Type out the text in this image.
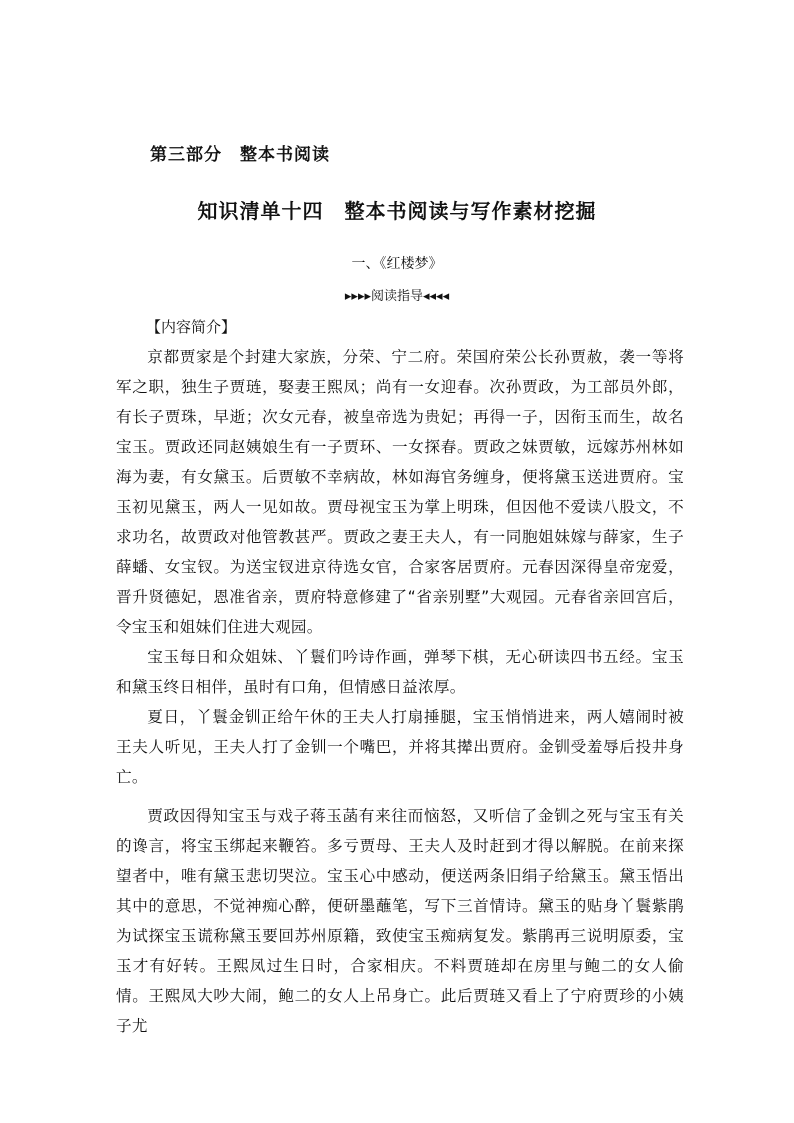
第三部分　整本书阅读
知识清单十四　整本书阅读与写作素材挖掘
一、《红楼梦》
▸▸▸▸阅读指导◂◂◂◂
【内容简介】

京都贾家是个封建大家族，分荣、宁二府。荣国府荣公长孙贾赦，袭一等将军之职，独生子贾琏，娶妻王熙凤；尚有一女迎春。次孙贾政，为工部员外郎，有长子贾珠，早逝；次女元春，被皇帝选为贵妃；再得一子，因衔玉而生，故名宝玉。贾政还同赵姨娘生有一子贾环、一女探春。贾政之妹贾敏，远嫁苏州林如海为妻，有女黛玉。后贾敏不幸病故，林如海官务缠身，便将黛玉送进贾府。宝玉初见黛玉，两人一见如故。贾母视宝玉为掌上明珠，但因他不爱读八股文，不求功名，故贾政对他管教甚严。贾政之妻王夫人，有一同胞姐妹嫁与薛家，生子薛蟠、女宝钗。为送宝钗进京待选女官，合家客居贾府。元春因深得皇帝宠爱，晋升贤德妃，恩准省亲，贾府特意修建了“省亲别墅”大观园。元春省亲回宫后，令宝玉和姐妹们住进大观园。

宝玉每日和众姐妹、丫鬟们吟诗作画，弹琴下棋，无心研读四书五经。宝玉和黛玉终日相伴，虽时有口角，但情感日益浓厚。

夏日，丫鬟金钏正给午休的王夫人打扇捶腿，宝玉悄悄进来，两人嬉闹时被王夫人听见，王夫人打了金钏一个嘴巴，并将其撵出贾府。金钏受羞辱后投井身亡。

贾政因得知宝玉与戏子蒋玉菡有来往而恼怒，又听信了金钏之死与宝玉有关的谗言，将宝玉绑起来鞭笞。多亏贾母、王夫人及时赶到才得以解脱。在前来探望者中，唯有黛玉悲切哭泣。宝玉心中感动，便送两条旧绢子给黛玉。黛玉悟出其中的意思，不觉神痴心醉，便研墨蘸笔，写下三首情诗。黛玉的贴身丫鬟紫鹃为试探宝玉谎称黛玉要回苏州原籍，致使宝玉痴病复发。紫鹃再三说明原委，宝玉才有好转。王熙凤过生日时，合家相庆。不料贾琏却在房里与鲍二的女人偷情。王熙凤大吵大闹，鲍二的女人上吊身亡。此后贾琏又看上了宁府贾珍的小姨子尤
